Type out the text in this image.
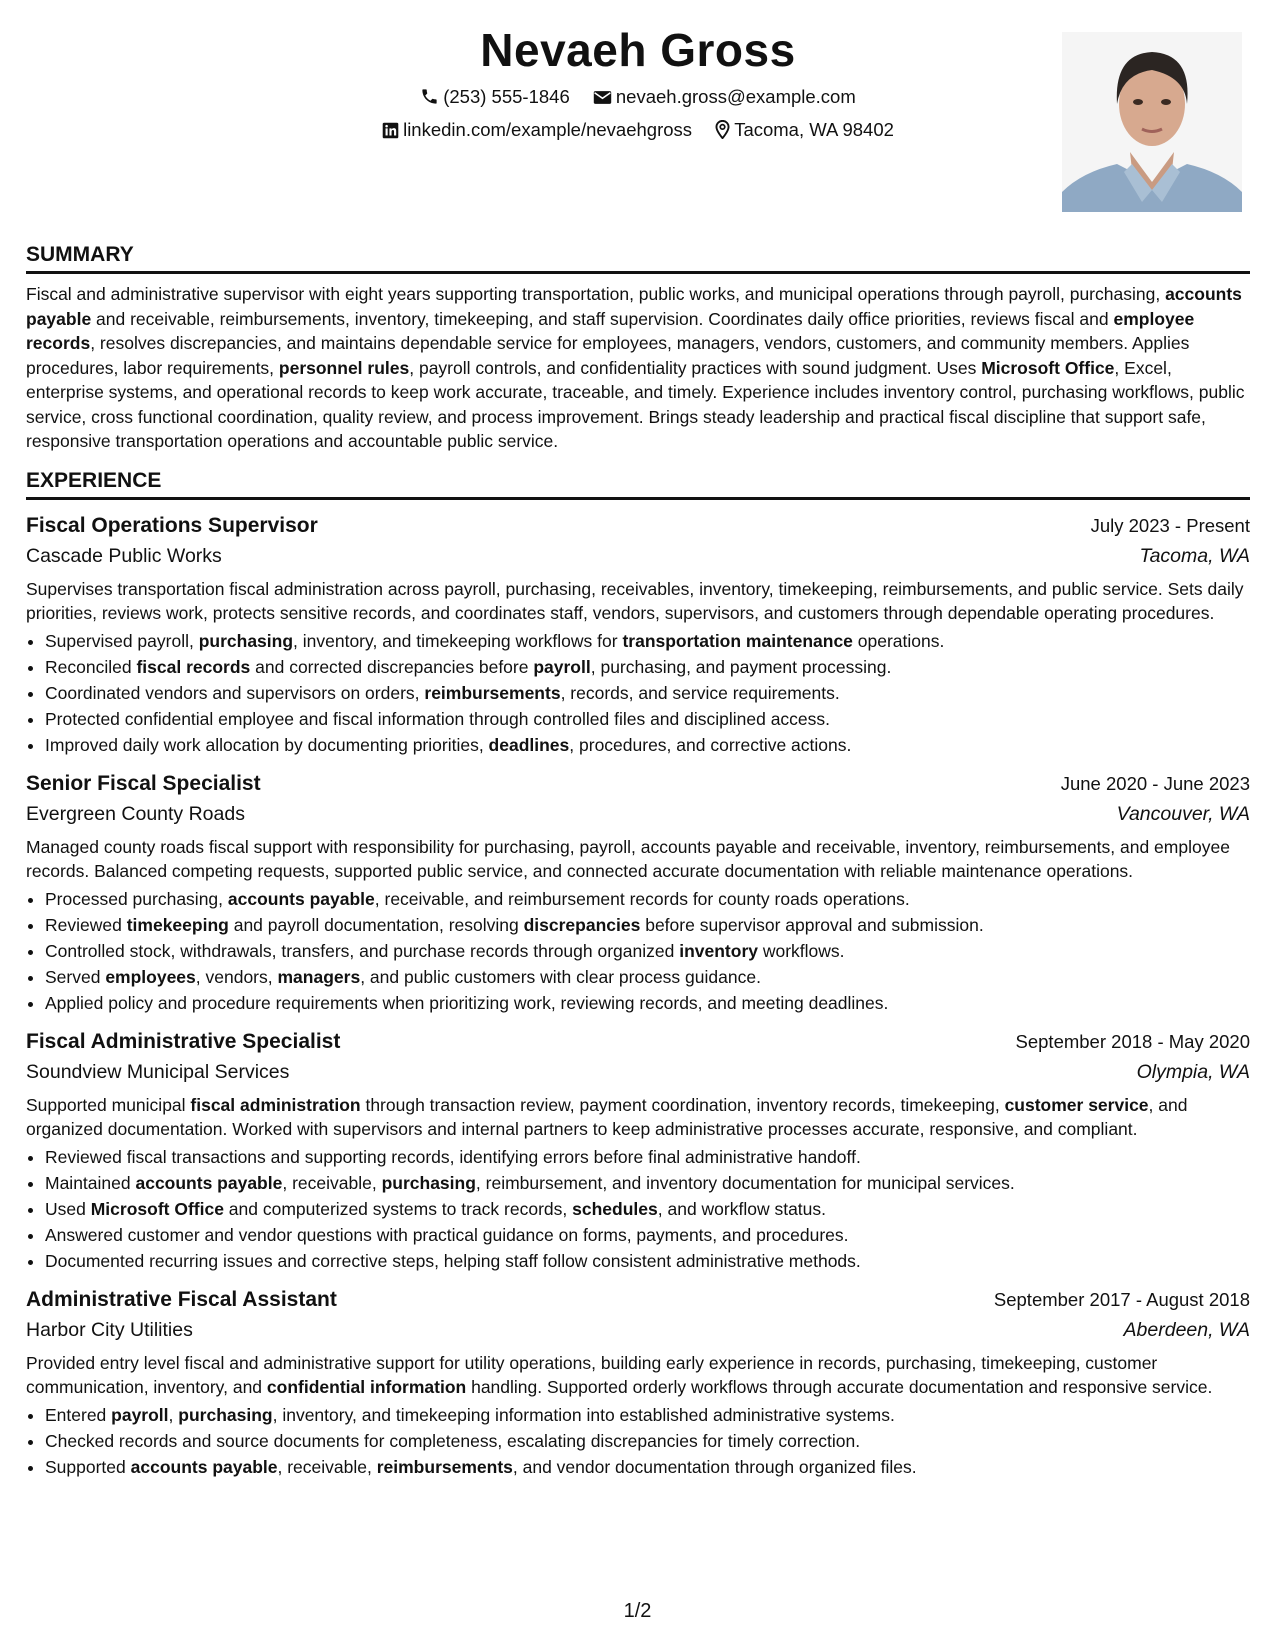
Nevaeh Gross
(253) 555-1846 nevaeh.gross@example.com
linkedin.com/example/nevaehgross Tacoma, WA 98402
SUMMARY

Fiscal and administrative supervisor with eight years supporting transportation, public works, and municipal operations through payroll, purchasing, accounts payable and receivable, reimbursements, inventory, timekeeping, and staff supervision. Coordinates daily office priorities, reviews fiscal and employee records, resolves discrepancies, and maintains dependable service for employees, managers, vendors, customers, and community members. Applies procedures, labor requirements, personnel rules, payroll controls, and confidentiality practices with sound judgment. Uses Microsoft Office, Excel, enterprise systems, and operational records to keep work accurate, traceable, and timely. Experience includes inventory control, purchasing workflows, public service, cross functional coordination, quality review, and process improvement. Brings steady leadership and practical fiscal discipline that support safe, responsive transportation operations and accountable public service.

EXPERIENCE
Fiscal Operations Supervisor	July 2023 - Present
Cascade Public Works	Tacoma, WA

Supervises transportation fiscal administration across payroll, purchasing, receivables, inventory, timekeeping, reimbursements, and public service. Sets daily priorities, reviews work, protects sensitive records, and coordinates staff, vendors, supervisors, and customers through dependable operating procedures.

• Supervised payroll, purchasing, inventory, and timekeeping workflows for transportation maintenance operations.
• Reconciled fiscal records and corrected discrepancies before payroll, purchasing, and payment processing.
• Coordinated vendors and supervisors on orders, reimbursements, records, and service requirements.
• Protected confidential employee and fiscal information through controlled files and disciplined access.
• Improved daily work allocation by documenting priorities, deadlines, procedures, and corrective actions.
Senior Fiscal Specialist	June 2020 - June 2023
Evergreen County Roads	Vancouver, WA

Managed county roads fiscal support with responsibility for purchasing, payroll, accounts payable and receivable, inventory, reimbursements, and employee records. Balanced competing requests, supported public service, and connected accurate documentation with reliable maintenance operations.

• Processed purchasing, accounts payable, receivable, and reimbursement records for county roads operations.
• Reviewed timekeeping and payroll documentation, resolving discrepancies before supervisor approval and submission.
• Controlled stock, withdrawals, transfers, and purchase records through organized inventory workflows.
• Served employees, vendors, managers, and public customers with clear process guidance.
• Applied policy and procedure requirements when prioritizing work, reviewing records, and meeting deadlines.
Fiscal Administrative Specialist	September 2018 - May 2020
Soundview Municipal Services	Olympia, WA

Supported municipal fiscal administration through transaction review, payment coordination, inventory records, timekeeping, customer service, and organized documentation. Worked with supervisors and internal partners to keep administrative processes accurate, responsive, and compliant.

• Reviewed fiscal transactions and supporting records, identifying errors before final administrative handoff.
• Maintained accounts payable, receivable, purchasing, reimbursement, and inventory documentation for municipal services.
• Used Microsoft Office and computerized systems to track records, schedules, and workflow status.
• Answered customer and vendor questions with practical guidance on forms, payments, and procedures.
• Documented recurring issues and corrective steps, helping staff follow consistent administrative methods.
Administrative Fiscal Assistant	September 2017 - August 2018
Harbor City Utilities	Aberdeen, WA

Provided entry level fiscal and administrative support for utility operations, building early experience in records, purchasing, timekeeping, customer communication, inventory, and confidential information handling. Supported orderly workflows through accurate documentation and responsive service.

• Entered payroll, purchasing, inventory, and timekeeping information into established administrative systems.
• Checked records and source documents for completeness, escalating discrepancies for timely correction.
• Supported accounts payable, receivable, reimbursements, and vendor documentation through organized files.
1/2
